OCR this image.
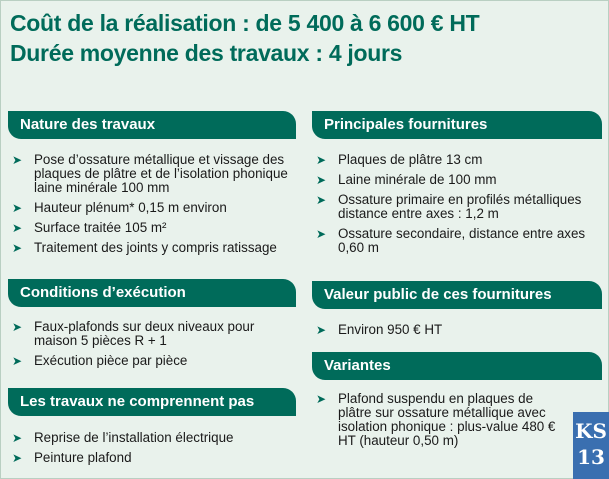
Coût de la réalisation : de 5 400 à 6 600 € HT
Durée moyenne des travaux : 4 jours
Nature des travaux
➤ Pose d’ossature métallique et vissage des plaques de plâtre et de l’isolation phonique laine minérale 100 mm
➤ Hauteur plénum* 0,15 m environ
➤ Surface traitée 105 m²
➤ Traitement des joints y compris ratissage
Conditions d’exécution
➤ Faux-plafonds sur deux niveaux pour maison 5 pièces R + 1
➤ Exécution pièce par pièce
Les travaux ne comprennent pas
➤ Reprise de l’installation électrique
➤ Peinture plafond
Principales fournitures
➤ Plaques de plâtre 13 cm
➤ Laine minérale de 100 mm
➤ Ossature primaire en profilés métalliques distance entre axes : 1,2 m
➤ Ossature secondaire, distance entre axes 0,60 m
Valeur public de ces fournitures
➤ Environ 950 € HT
Variantes
➤ Plafond suspendu en plaques de plâtre sur ossature métallique avec isolation phonique : plus-value 480 € HT (hauteur 0,50 m)	KS
13
